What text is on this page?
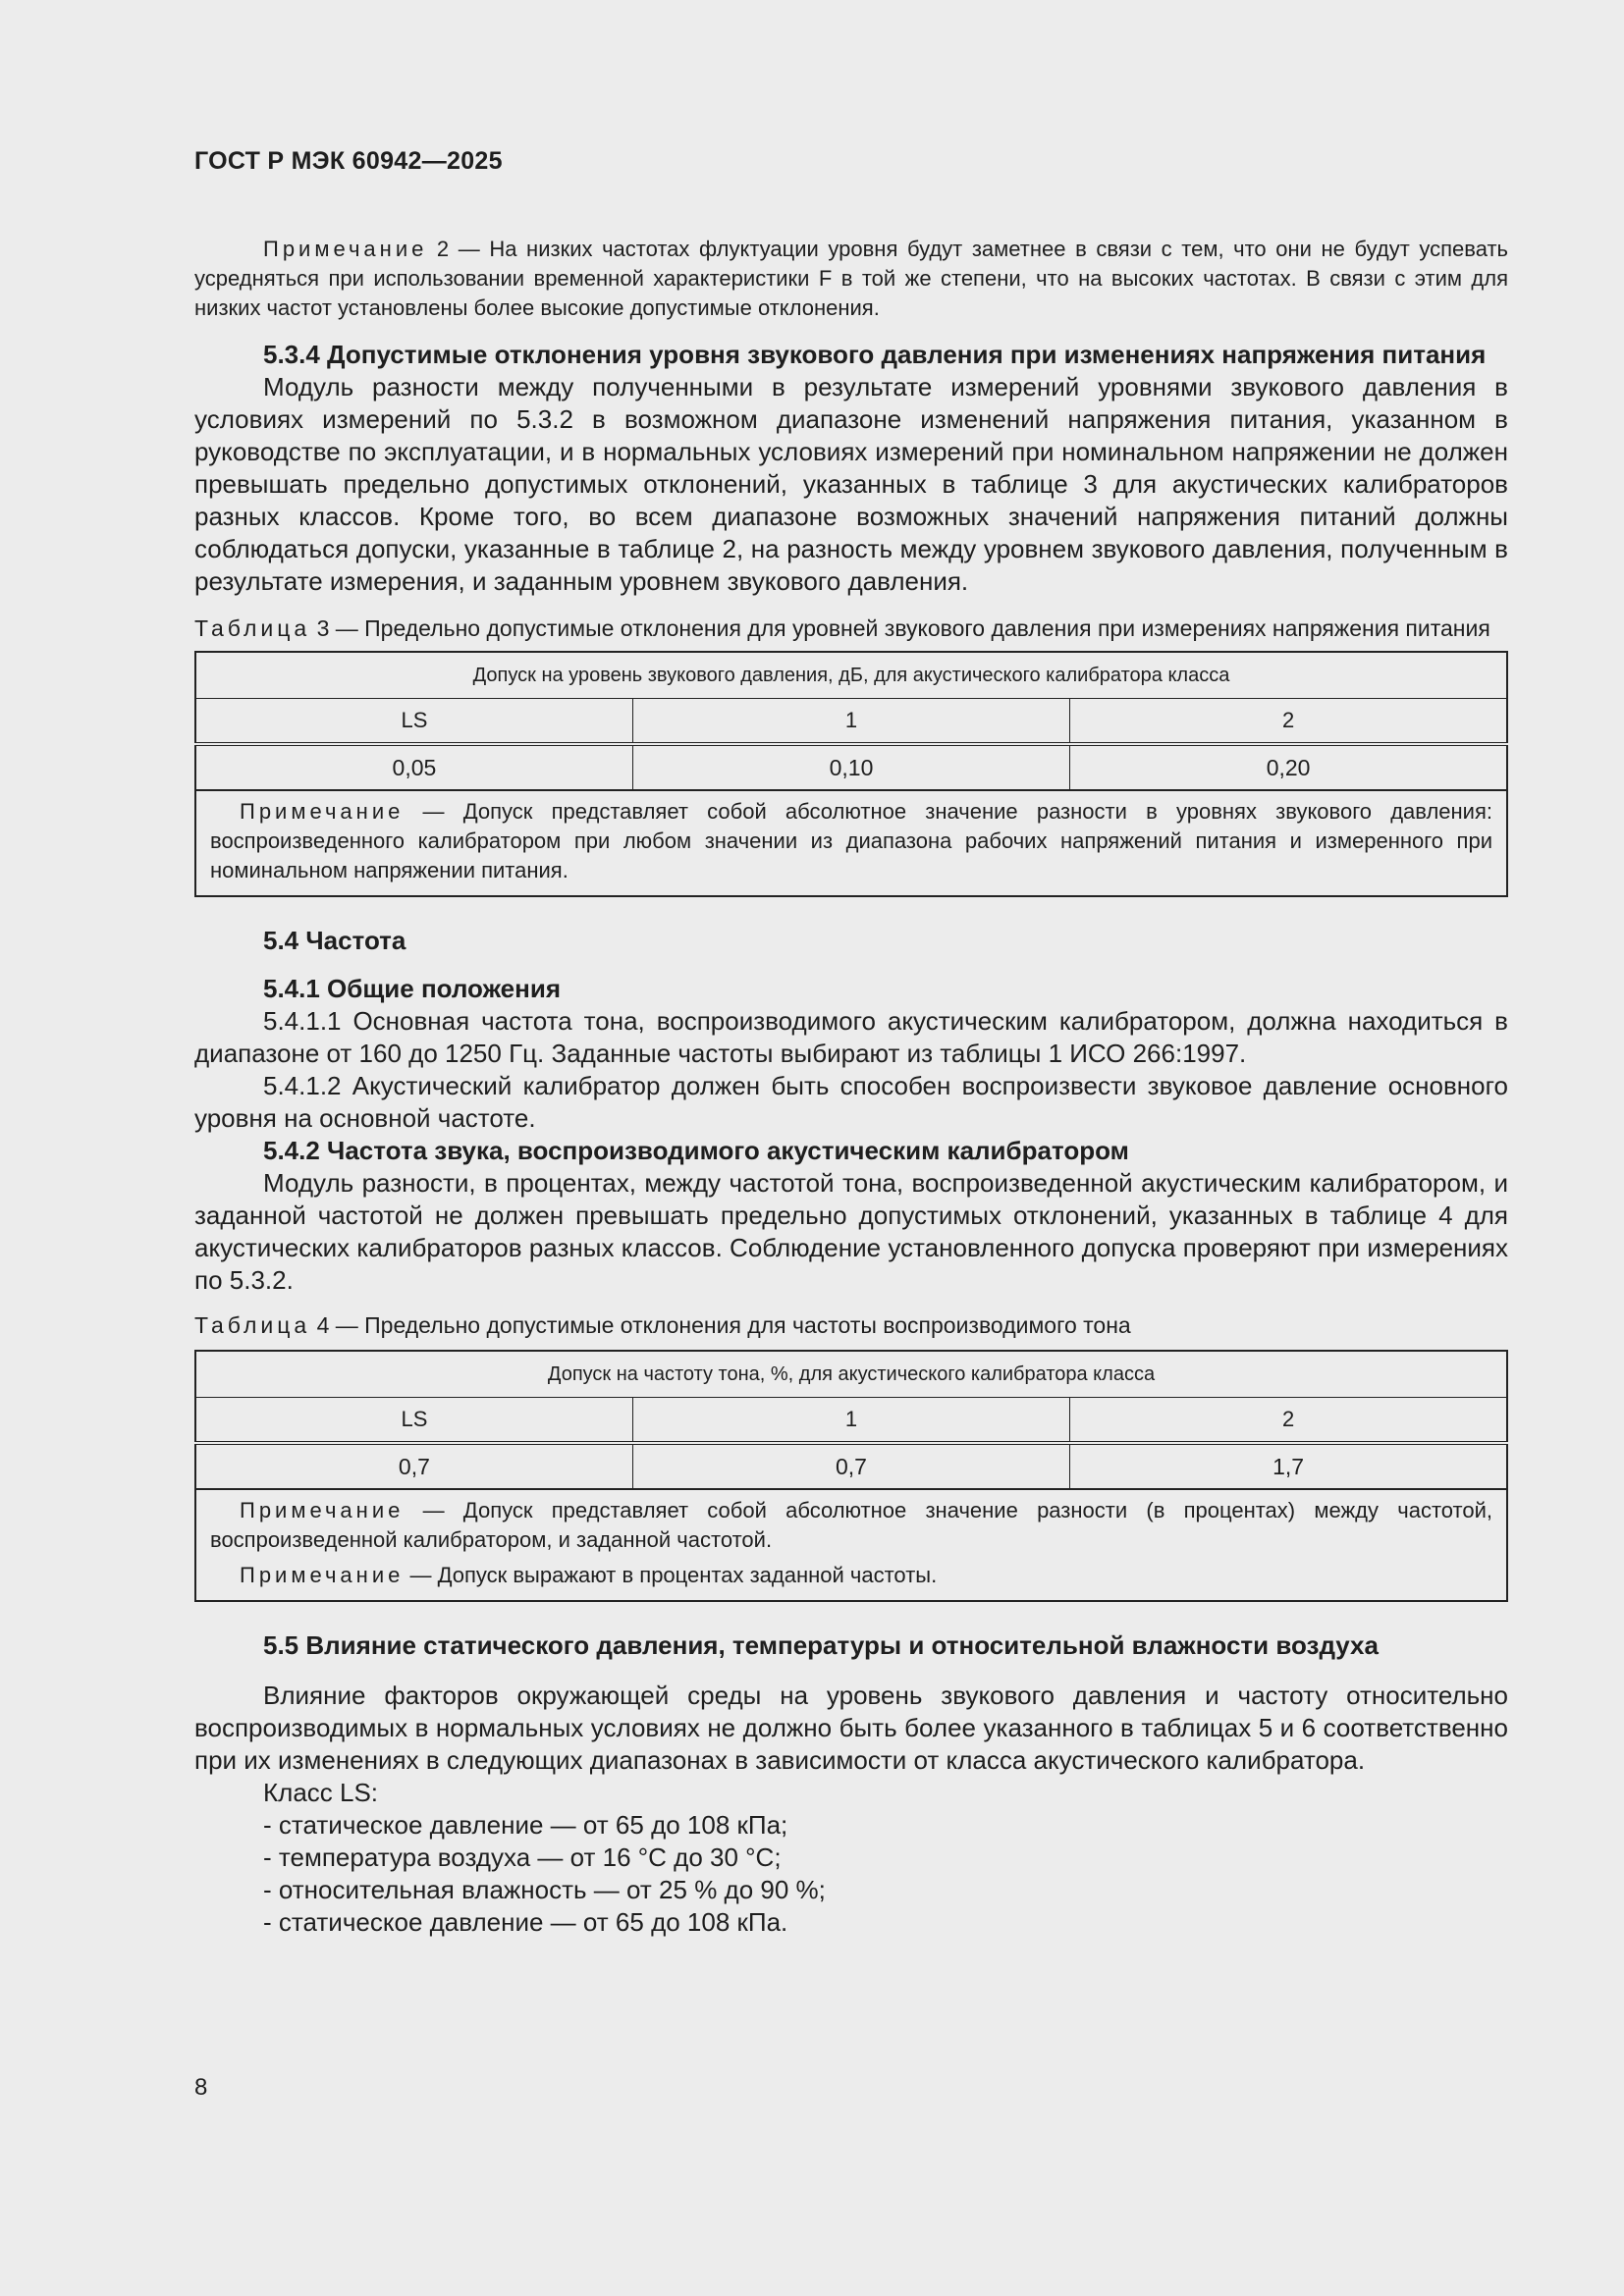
ГОСТ Р МЭК 60942—2025

Примечание 2 — На низких частотах флуктуации уровня будут заметнее в связи с тем, что они не будут успевать усредняться при использовании временной характеристики F в той же степени, что на высоких частотах. В связи с этим для низких частот установлены более высокие допустимые отклонения.

5.3.4 Допустимые отклонения уровня звукового давления при изменениях напряжения питания

Модуль разности между полученными в результате измерений уровнями звукового давления в условиях измерений по 5.3.2 в возможном диапазоне изменений напряжения питания, указанном в руководстве по эксплуатации, и в нормальных условиях измерений при номинальном напряжении не должен превышать предельно допустимых отклонений, указанных в таблице 3 для акустических калибраторов разных классов. Кроме того, во всем диапазоне возможных значений напряжения питаний должны соблюдаться допуски, указанные в таблице 2, на разность между уровнем звукового давления, полученным в результате измерения, и заданным уровнем звукового давления.

Таблица 3 — Предельно допустимые отклонения для уровней звукового давления при измерениях напряжения питания

Допуск на уровень звукового давления, дБ, для акустического калибратора класса		
LS	1	2
0,05	0,10	0,20

Примечание — Допуск представляет собой абсолютное значение разности в уровнях звукового давления: воспроизведенного калибратором при любом значении из диапазона рабочих напряжений питания и измеренного при номинальном напряжении питания.		

5.4 Частота

5.4.1 Общие положения

5.4.1.1 Основная частота тона, воспроизводимого акустическим калибратором, должна находиться в диапазоне от 160 до 1250 Гц. Заданные частоты выбирают из таблицы 1 ИСО 266:1997.

5.4.1.2 Акустический калибратор должен быть способен воспроизвести звуковое давление основного уровня на основной частоте.

5.4.2 Частота звука, воспроизводимого акустическим калибратором

Модуль разности, в процентах, между частотой тона, воспроизведенной акустическим калибратором, и заданной частотой не должен превышать предельно допустимых отклонений, указанных в таблице 4 для акустических калибраторов разных классов. Соблюдение установленного допуска проверяют при измерениях по 5.3.2.

Таблица 4 — Предельно допустимые отклонения для частоты воспроизводимого тона

Допуск на частоту тона, %, для акустического калибратора класса		
LS	1	2
0,7	0,7	1,7

Примечание — Допуск представляет собой абсолютное значение разности (в процентах) между частотой, воспроизведенной калибратором, и заданной частотой.

Примечание — Допуск выражают в процентах заданной частоты.		

5.5 Влияние статического давления, температуры и относительной влажности воздуха

Влияние факторов окружающей среды на уровень звукового давления и частоту относительно воспроизводимых в нормальных условиях не должно быть более указанного в таблицах 5 и 6 соответственно при их изменениях в следующих диапазонах в зависимости от класса акустического калибратора.

Класс LS:

- статическое давление — от 65 до 108 кПа;

- температура воздуха — от 16 °С до 30 °С;

- относительная влажность — от 25 % до 90 %;

- статическое давление — от 65 до 108 кПа.

8
